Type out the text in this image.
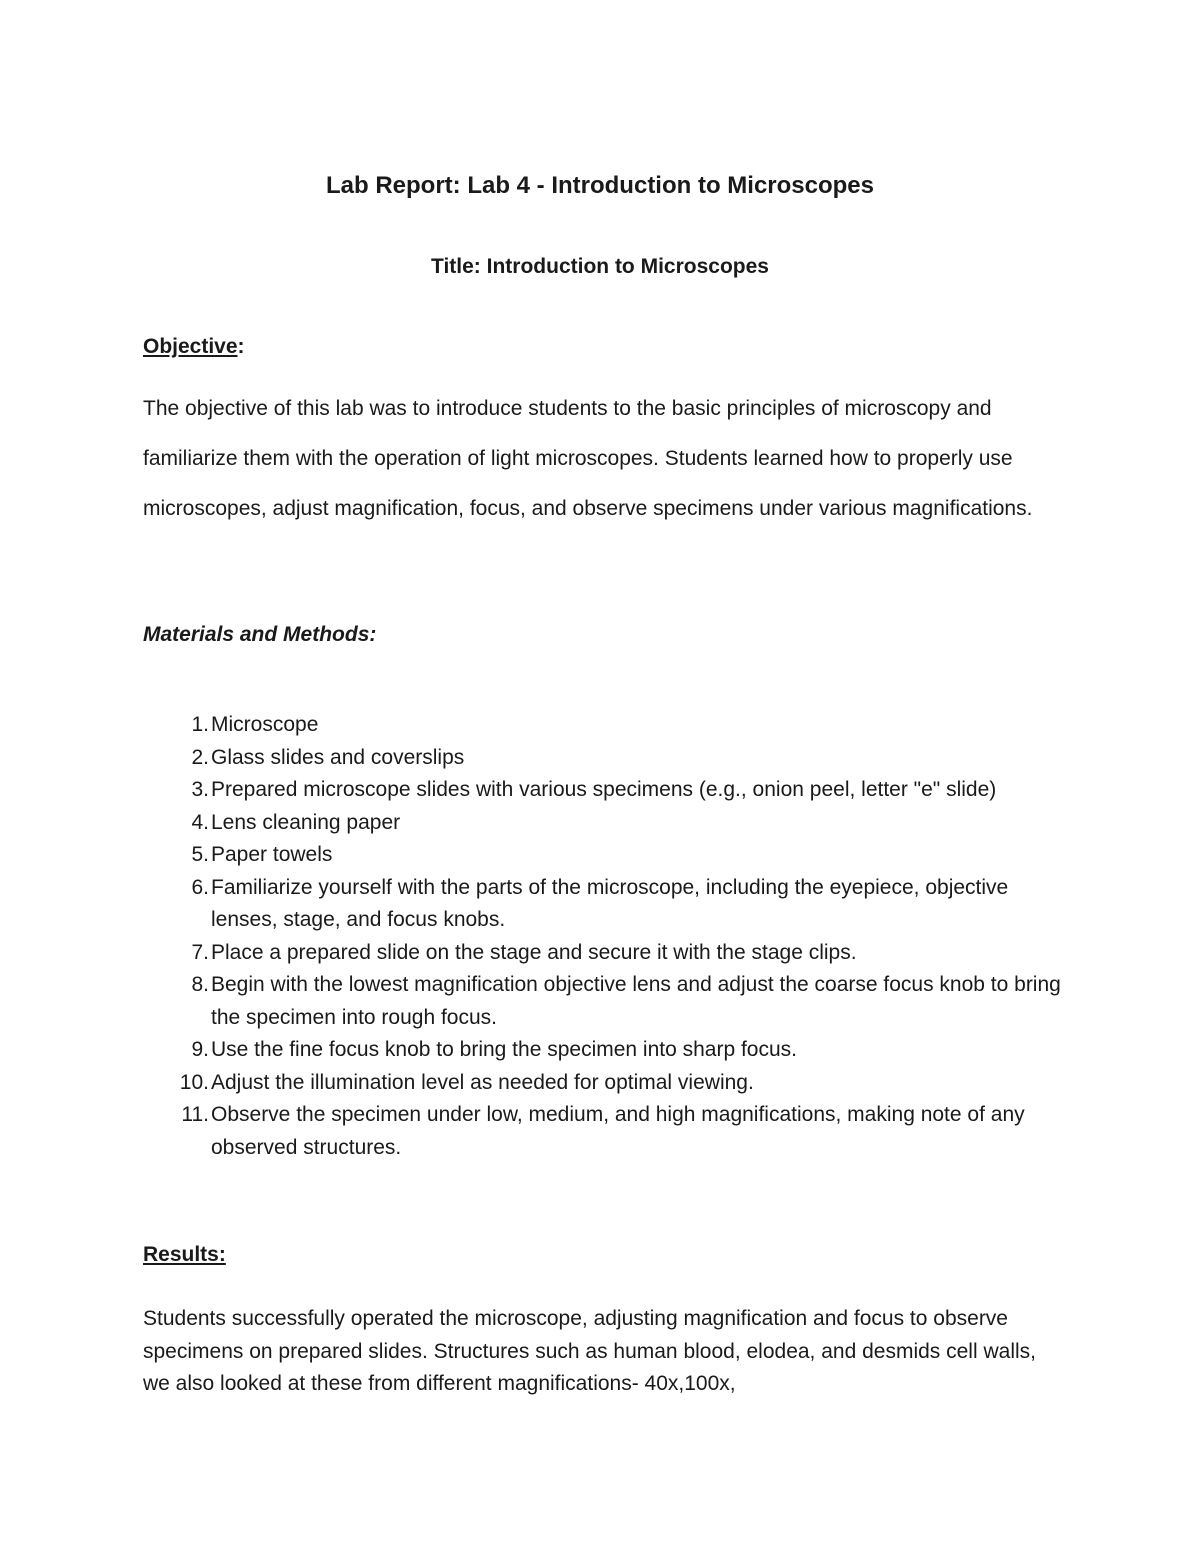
Lab Report: Lab 4 - Introduction to Microscopes
Title: Introduction to Microscopes
Objective:

The objective of this lab was to introduce students to the basic principles of microscopy and familiarize them with the operation of light microscopes. Students learned how to properly use microscopes, adjust magnification, focus, and observe specimens under various magnifications.

Materials and Methods:
1. Microscope
2. Glass slides and coverslips
3. Prepared microscope slides with various specimens (e.g., onion peel, letter "e" slide)
4. Lens cleaning paper
5. Paper towels
6. Familiarize yourself with the parts of the microscope, including the eyepiece, objective lenses, stage, and focus knobs.
7. Place a prepared slide on the stage and secure it with the stage clips.
8. Begin with the lowest magnification objective lens and adjust the coarse focus knob to bring the specimen into rough focus.
9. Use the fine focus knob to bring the specimen into sharp focus.
10. Adjust the illumination level as needed for optimal viewing.
11. Observe the specimen under low, medium, and high magnifications, making note of any observed structures.
Results:

Students successfully operated the microscope, adjusting magnification and focus to observe specimens on prepared slides. Structures such as human blood, elodea, and desmids cell walls, we also looked at these from different magnifications- 40x,100x,
